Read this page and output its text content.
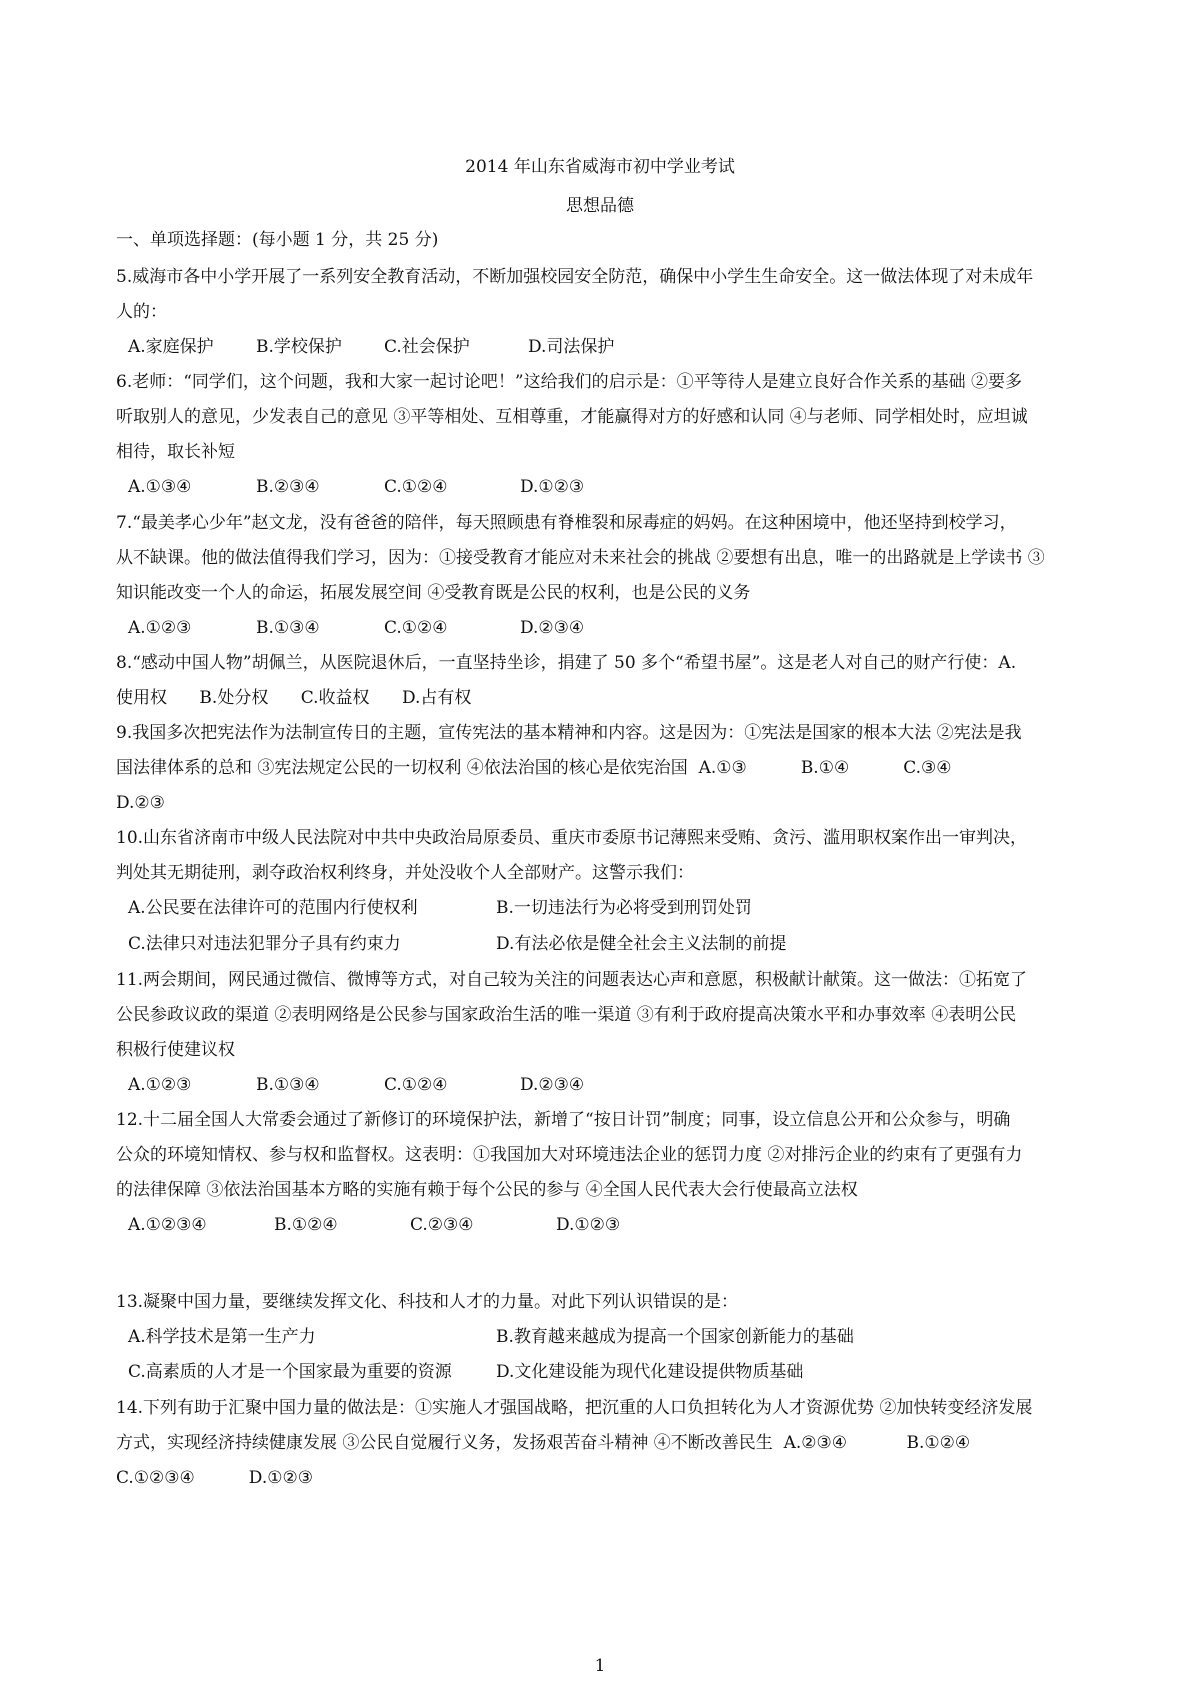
2014 年山东省威海市初中学业考试
思想品德
一、单项选择题：(每小题 1 分，共 25 分)
5.威海市各中小学开展了一系列安全教育活动，不断加强校园安全防范，确保中小学生生命安全。这一做法体现了对未成年
人的：
A.家庭保护 B.学校保护 C.社会保护	D.司法保护
6.老师：“同学们，这个问题，我和大家一起讨论吧！”这给我们的启示是：①平等待人是建立良好合作关系的基础 ②要多
听取别人的意见，少发表自己的意见 ③平等相处、互相尊重，才能赢得对方的好感和认同 ④与老师、同学相处时，应坦诚
相待，取长补短
A.①③④	B.②③④	C.①②④	D.①②③
7.“最美孝心少年”赵文龙，没有爸爸的陪伴，每天照顾患有脊椎裂和尿毒症的妈妈。在这种困境中，他还坚持到校学习，
从不缺课。他的做法值得我们学习，因为：①接受教育才能应对未来社会的挑战 ②要想有出息，唯一的出路就是上学读书 ③
知识能改变一个人的命运，拓展发展空间 ④受教育既是公民的权利，也是公民的义务
A.①②③	B.①③④	C.①②④	D.②③④
8.“感动中国人物”胡佩兰，从医院退休后，一直坚持坐诊，捐建了 50 多个“希望书屋”。这是老人对自己的财产行使：A.
使用权      B.处分权      C.收益权      D.占有权
9.我国多次把宪法作为法制宣传日的主题，宣传宪法的基本精神和内容。这是因为：①宪法是国家的根本大法 ②宪法是我
国法律体系的总和 ③宪法规定公民的一切权利 ④依法治国的核心是依宪治国  A.①③          B.①④          C.③④
D.②③
10.山东省济南市中级人民法院对中共中央政治局原委员、重庆市委原书记薄熙来受贿、贪污、滥用职权案作出一审判决，
判处其无期徒刑，剥夺政治权利终身，并处没收个人全部财产。这警示我们：
A.公民要在法律许可的范围内行使权利	B.一切违法行为必将受到刑罚处罚
C.法律只对违法犯罪分子具有约束力	D.有法必依是健全社会主义法制的前提
11.两会期间，网民通过微信、微博等方式，对自己较为关注的问题表达心声和意愿，积极献计献策。这一做法：①拓宽了
公民参政议政的渠道 ②表明网络是公民参与国家政治生活的唯一渠道 ③有利于政府提高决策水平和办事效率 ④表明公民
积极行使建议权
A.①②③	B.①③④	C.①②④	D.②③④
12.十二届全国人大常委会通过了新修订的环境保护法，新增了“按日计罚”制度；同事，设立信息公开和公众参与，明确
公众的环境知情权、参与权和监督权。这表明：①我国加大对环境违法企业的惩罚力度 ②对排污企业的约束有了更强有力
的法律保障 ③依法治国基本方略的实施有赖于每个公民的参与 ④全国人民代表大会行使最高立法权
A.①②③④	B.①②④	C.②③④	D.①②③
13.凝聚中国力量，要继续发挥文化、科技和人才的力量。对此下列认识错误的是：
A.科学技术是第一生产力	B.教育越来越成为提高一个国家创新能力的基础
C.高素质的人才是一个国家最为重要的资源	D.文化建设能为现代化建设提供物质基础
14.下列有助于汇聚中国力量的做法是：①实施人才强国战略，把沉重的人口负担转化为人才资源优势 ②加快转变经济发展
方式，实现经济持续健康发展 ③公民自觉履行义务，发扬艰苦奋斗精神 ④不断改善民生  A.②③④           B.①②④
C.①②③④          D.①②③
1
